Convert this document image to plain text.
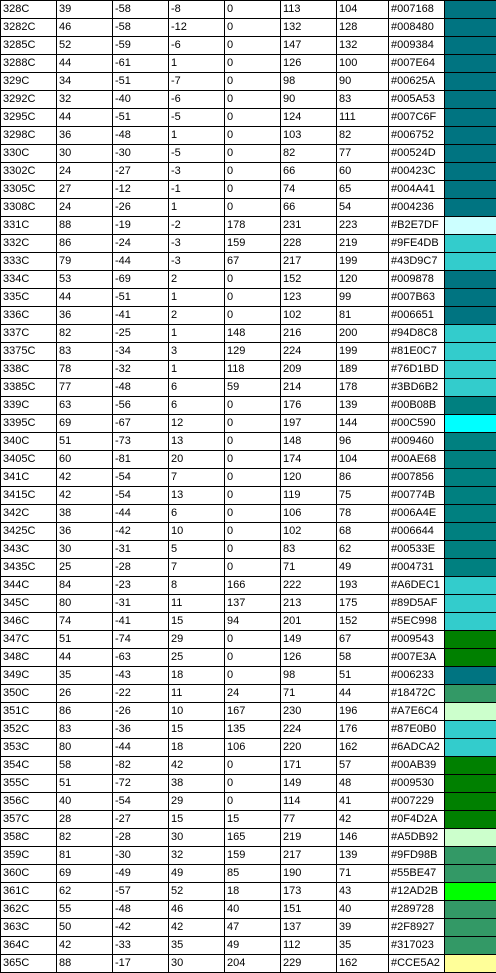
328C	39	-58	-8	0	113	104	#007168	
3282C	46	-58	-12	0	132	128	#008480	
3285C	52	-59	-6	0	147	132	#009384	
3288C	44	-61	1	0	126	100	#007E64	
329C	34	-51	-7	0	98	90	#00625A	
3292C	32	-40	-6	0	90	83	#005A53	
3295C	44	-51	-5	0	124	111	#007C6F	
3298C	36	-48	1	0	103	82	#006752	
330C	30	-30	-5	0	82	77	#00524D	
3302C	24	-27	-3	0	66	60	#00423C	
3305C	27	-12	-1	0	74	65	#004A41	
3308C	24	-26	1	0	66	54	#004236	
331C	88	-19	-2	178	231	223	#B2E7DF	
332C	86	-24	-3	159	228	219	#9FE4DB	
333C	79	-44	-3	67	217	199	#43D9C7	
334C	53	-69	2	0	152	120	#009878	
335C	44	-51	1	0	123	99	#007B63	
336C	36	-41	2	0	102	81	#006651	
337C	82	-25	1	148	216	200	#94D8C8	
3375C	83	-34	3	129	224	199	#81E0C7	
338C	78	-32	1	118	209	189	#76D1BD	
3385C	77	-48	6	59	214	178	#3BD6B2	
339C	63	-56	6	0	176	139	#00B08B	
3395C	69	-67	12	0	197	144	#00C590	
340C	51	-73	13	0	148	96	#009460	
3405C	60	-81	20	0	174	104	#00AE68	
341C	42	-54	7	0	120	86	#007856	
3415C	42	-54	13	0	119	75	#00774B	
342C	38	-44	6	0	106	78	#006A4E	
3425C	36	-42	10	0	102	68	#006644	
343C	30	-31	5	0	83	62	#00533E	
3435C	25	-28	7	0	71	49	#004731	
344C	84	-23	8	166	222	193	#A6DEC1	
345C	80	-31	11	137	213	175	#89D5AF	
346C	74	-41	15	94	201	152	#5EC998	
347C	51	-74	29	0	149	67	#009543	
348C	44	-63	25	0	126	58	#007E3A	
349C	35	-43	18	0	98	51	#006233	
350C	26	-22	11	24	71	44	#18472C	
351C	86	-26	10	167	230	196	#A7E6C4	
352C	83	-36	15	135	224	176	#87E0B0	
353C	80	-44	18	106	220	162	#6ADCA2	
354C	58	-82	42	0	171	57	#00AB39	
355C	51	-72	38	0	149	48	#009530	
356C	40	-54	29	0	114	41	#007229	
357C	28	-27	15	15	77	42	#0F4D2A	
358C	82	-28	30	165	219	146	#A5DB92	
359C	81	-30	32	159	217	139	#9FD98B	
360C	69	-49	49	85	190	71	#55BE47	
361C	62	-57	52	18	173	43	#12AD2B	
362C	55	-48	46	40	151	40	#289728	
363C	50	-42	42	47	137	39	#2F8927	
364C	42	-33	35	49	112	35	#317023	
365C	88	-17	30	204	229	162	#CCE5A2	
